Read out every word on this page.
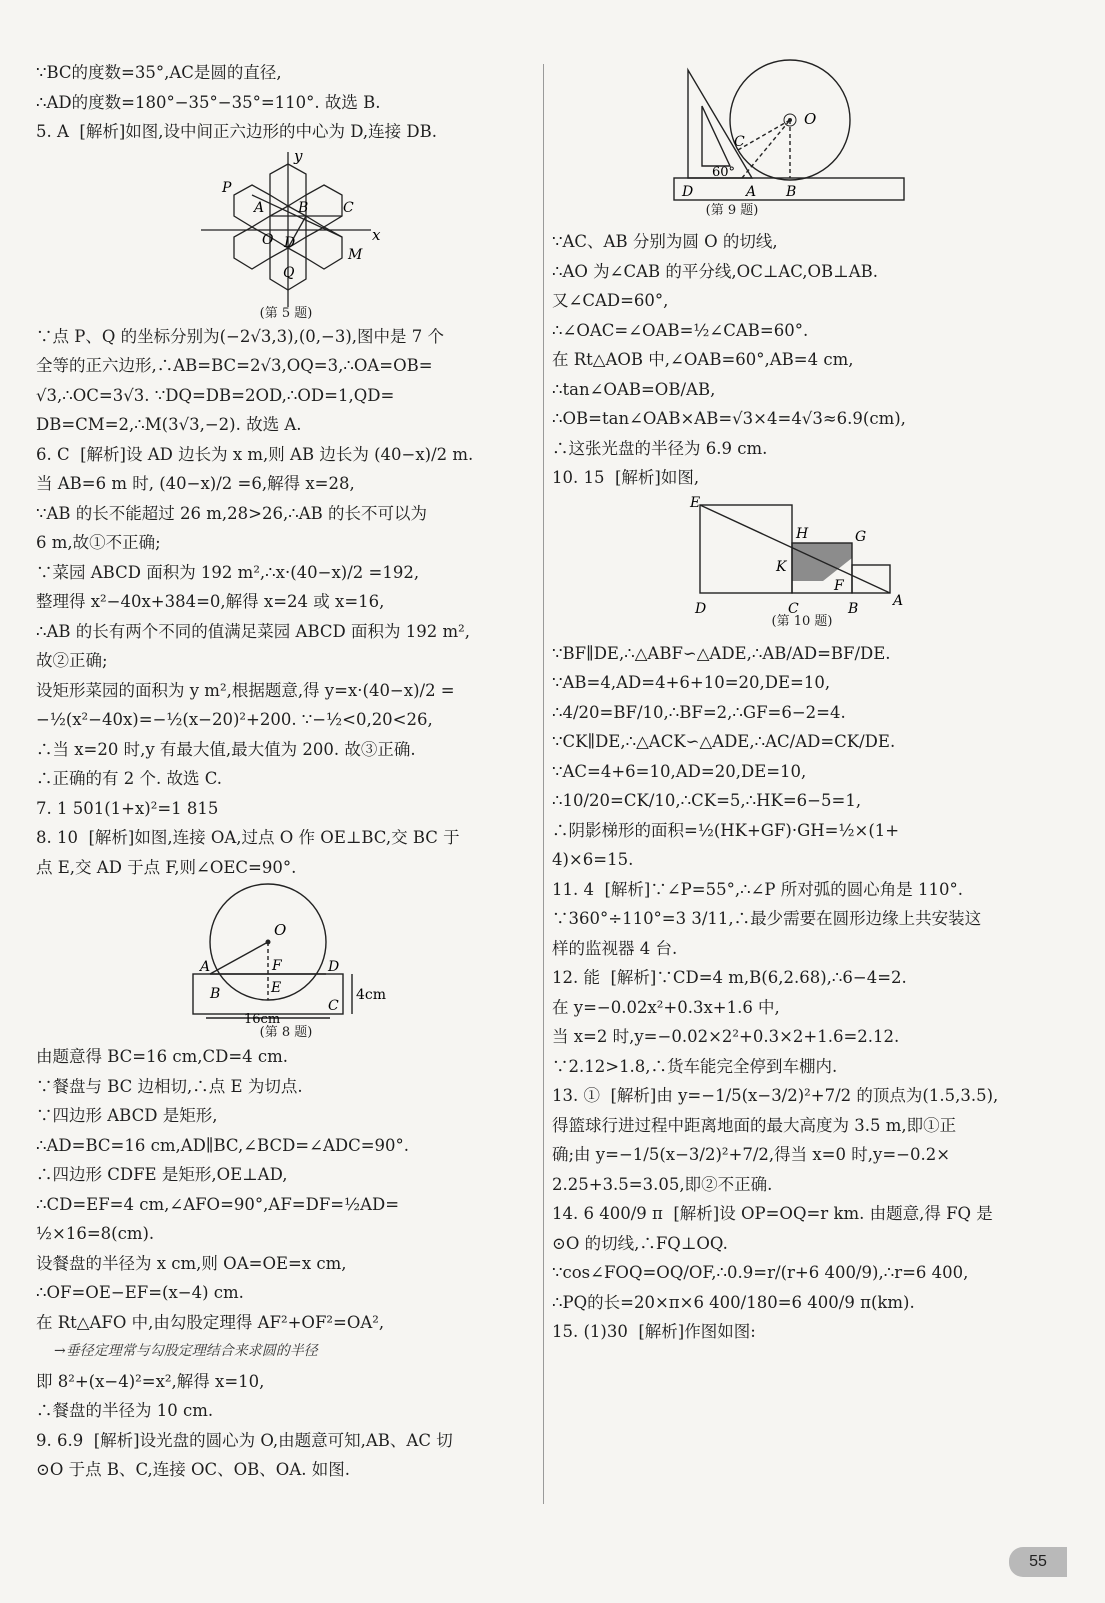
∵BC的度数=35°,AC是圆的直径,
∴AD的度数=180°−35°−35°=110°. 故选 B.
5. A  [解析]如图,设中间正六边形的中心为 D,连接 DB.
y
x
P
A B C
O D
M
Q
(第 5 题)
∵点 P、Q 的坐标分别为(−2√3,3),(0,−3),图中是 7 个
全等的正六边形,∴AB=BC=2√3,OQ=3,∴OA=OB=
√3,∴OC=3√3. ∵DQ=DB=2OD,∴OD=1,QD=
DB=CM=2,∴M(3√3,−2). 故选 A.
6. C  [解析]设 AD 边长为 x m,则 AB 边长为 (40−x)/2 m.
当 AB=6 m 时, (40−x)/2 =6,解得 x=28,
∵AB 的长不能超过 26 m,28>26,∴AB 的长不可以为
6 m,故①不正确;
∵菜园 ABCD 面积为 192 m²,∴x·(40−x)/2 =192,
整理得 x²−40x+384=0,解得 x=24 或 x=16,
∴AB 的长有两个不同的值满足菜园 ABCD 面积为 192 m²,
故②正确;
设矩形菜园的面积为 y m²,根据题意,得 y=x·(40−x)/2 =
−½(x²−40x)=−½(x−20)²+200. ∵−½<0,20<26,
∴当 x=20 时,y 有最大值,最大值为 200. 故③正确.
∴正确的有 2 个. 故选 C.
7. 1 501(1+x)²=1 815
8. 10  [解析]如图,连接 OA,过点 O 作 OE⊥BC,交 BC 于
点 E,交 AD 于点 F,则∠OEC=90°.
O
A	F	D
B	E
C
16cm
4cm
(第 8 题)
由题意得 BC=16 cm,CD=4 cm.
∵餐盘与 BC 边相切,∴点 E 为切点.
∵四边形 ABCD 是矩形,
∴AD=BC=16 cm,AD∥BC,∠BCD=∠ADC=90°.
∴四边形 CDFE 是矩形,OE⊥AD,
∴CD=EF=4 cm,∠AFO=90°,AF=DF=½AD=
½×16=8(cm).
设餐盘的半径为 x cm,则 OA=OE=x cm,
∴OF=OE−EF=(x−4) cm.
在 Rt△AFO 中,由勾股定理得 AF²+OF²=OA²,
→垂径定理常与勾股定理结合来求圆的半径
即 8²+(x−4)²=x²,解得 x=10,
∴餐盘的半径为 10 cm.
9. 6.9  [解析]设光盘的圆心为 O,由题意可知,AB、AC 切
⊙O 于点 B、C,连接 OC、OB、OA. 如图.
O
C
60°
D	A B
(第 9 题)
∵AC、AB 分别为圆 O 的切线,
∴AO 为∠CAB 的平分线,OC⊥AC,OB⊥AB.
又∠CAD=60°,
∴∠OAC=∠OAB=½∠CAB=60°.
在 Rt△AOB 中,∠OAB=60°,AB=4 cm,
∴tan∠OAB=OB/AB,
∴OB=tan∠OAB×AB=√3×4=4√3≈6.9(cm),
∴这张光盘的半径为 6.9 cm.
10. 15  [解析]如图,
E
H	G
K
F
D	C	B A
(第 10 题)
∵BF∥DE,∴△ABF∽△ADE,∴AB/AD=BF/DE.
∵AB=4,AD=4+6+10=20,DE=10,
∴4/20=BF/10,∴BF=2,∴GF=6−2=4.
∵CK∥DE,∴△ACK∽△ADE,∴AC/AD=CK/DE.
∵AC=4+6=10,AD=20,DE=10,
∴10/20=CK/10,∴CK=5,∴HK=6−5=1,
∴阴影梯形的面积=½(HK+GF)·GH=½×(1+
4)×6=15.
11. 4  [解析]∵∠P=55°,∴∠P 所对弧的圆心角是 110°.
∵360°÷110°=3 3/11,∴最少需要在圆形边缘上共安装这
样的监视器 4 台.
12. 能  [解析]∵CD=4 m,B(6,2.68),∴6−4=2.
在 y=−0.02x²+0.3x+1.6 中,
当 x=2 时,y=−0.02×2²+0.3×2+1.6=2.12.
∵2.12>1.8,∴货车能完全停到车棚内.
13. ①  [解析]由 y=−1/5(x−3/2)²+7/2 的顶点为(1.5,3.5),
得篮球行进过程中距离地面的最大高度为 3.5 m,即①正
确;由 y=−1/5(x−3/2)²+7/2,得当 x=0 时,y=−0.2×
2.25+3.5=3.05,即②不正确.
14. 6 400/9 π  [解析]设 OP=OQ=r km. 由题意,得 FQ 是
⊙O 的切线,∴FQ⊥OQ.
∵cos∠FOQ=OQ/OF,∴0.9=r/(r+6 400/9),∴r=6 400,
∴PQ的长=20×π×6 400/180=6 400/9 π(km).
15. (1)30  [解析]作图如图:
55
